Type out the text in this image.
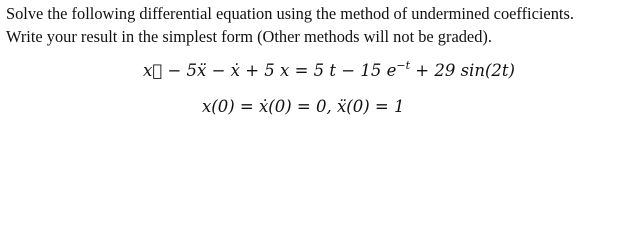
Solve the following differential equation using the method of undermined coefficients.
Write your result in the simplest form (Other methods will not be graded).
x⃛ − 5ẍ − ẋ + 5 x = 5 t − 15 $e^{-t} + 29$ sin(2t)
x(0) = ẋ(0) = 0, ẍ(0) = 1
